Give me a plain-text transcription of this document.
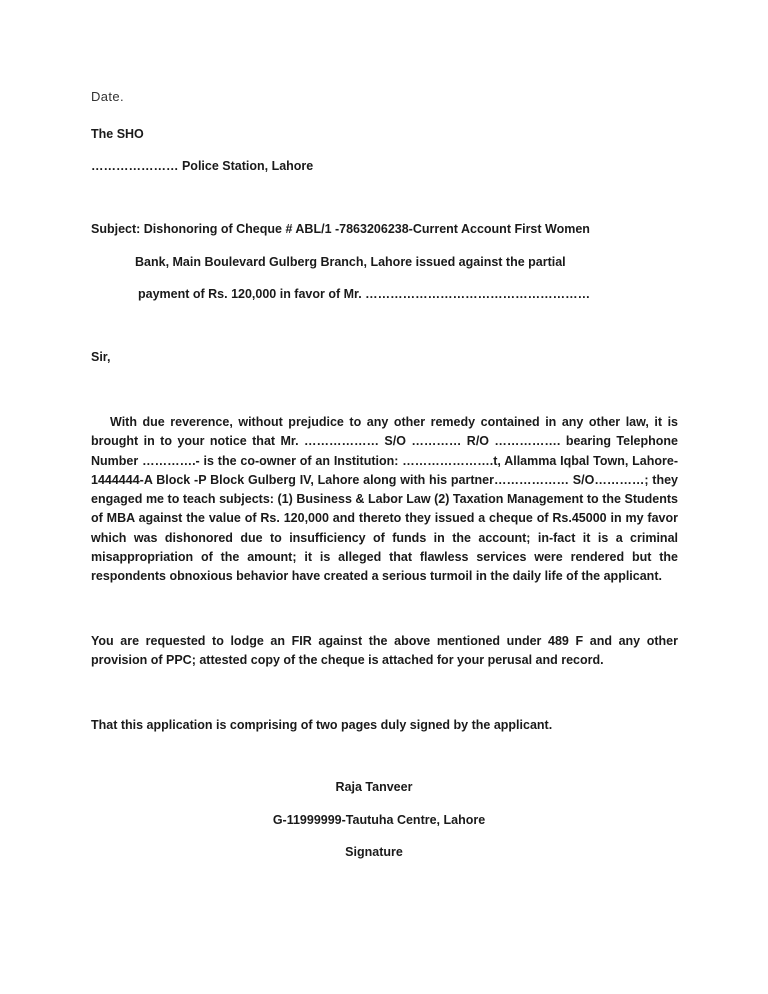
Date.
The SHO
………………… Police Station, Lahore
Subject: Dishonoring of Cheque # ABL/1 -7863206238-Current Account First Women
Bank, Main Boulevard Gulberg Branch, Lahore issued against the partial
payment of Rs. 120,000 in favor of Mr. ………………………………………………
Sir,
With due reverence, without prejudice to any other remedy contained in any other law, it is brought in to your notice that Mr. ……………… S/O ………… R/O ……………. bearing Telephone Number ………….- is the co-owner of an Institution: ………………….t, Allamma Iqbal Town, Lahore-1444444-A Block -P Block Gulberg IV, Lahore along with his partner……………… S/O…………; they engaged me to teach subjects: (1) Business & Labor Law (2) Taxation Management to the Students of MBA against the value of Rs. 120,000 and thereto they issued a cheque of Rs.45000 in my favor which was dishonored due to insufficiency of funds in the account; in-fact it is a criminal misappropriation of the amount; it is alleged that flawless services were rendered but the respondents obnoxious behavior have created a serious turmoil in the daily life of the applicant.
You are requested to lodge an FIR against the above mentioned under 489 F and any other provision of PPC; attested copy of the cheque is attached for your perusal and record.
That this application is comprising of two pages duly signed by the applicant.
Raja Tanveer
G-11999999-Tautuha Centre, Lahore
Signature
